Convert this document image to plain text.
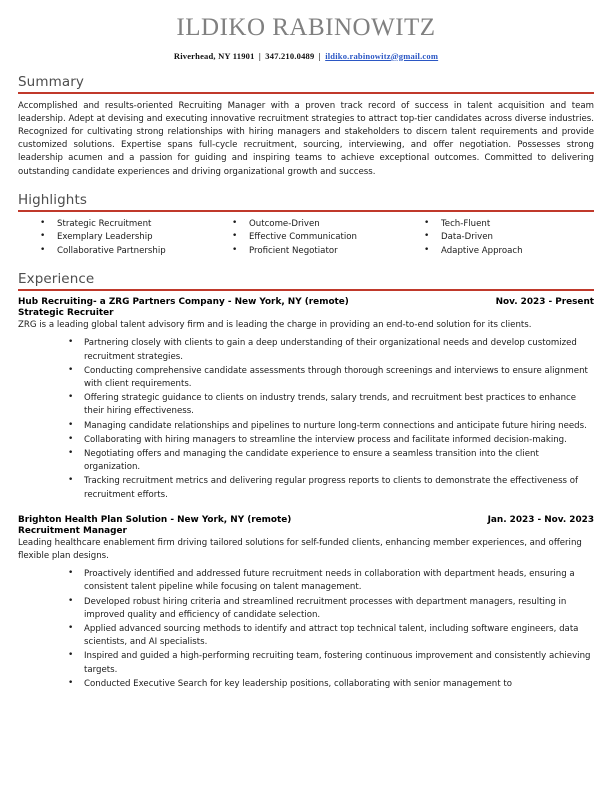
ILDIKO RABINOWITZ
Riverhead, NY 11901 | 347.210.0489 | ildiko.rabinowitz@gmail.com
Summary

Accomplished and results-oriented Recruiting Manager with a proven track record of success in talent acquisition and team leadership. Adept at devising and executing innovative recruitment strategies to attract top-tier candidates across diverse industries. Recognized for cultivating strong relationships with hiring managers and stakeholders to discern talent requirements and provide customized solutions. Expertise spans full-cycle recruitment, sourcing, interviewing, and offer negotiation. Possesses strong leadership acumen and a passion for guiding and inspiring teams to achieve exceptional outcomes. Committed to delivering outstanding candidate experiences and driving organizational growth and success.

Highlights
• Strategic Recruitment
• Exemplary Leadership
• Collaborative Partnership
• Outcome-Driven
• Effective Communication
• Proficient Negotiator
• Tech-Fluent
• Data-Driven
• Adaptive Approach
Experience
Hub Recruiting- a ZRG Partners Company - New York, NY (remote)	Nov. 2023 - Present
Strategic Recruiter
ZRG is a leading global talent advisory firm and is leading the charge in providing an end-to-end solution for its clients.
• Partnering closely with clients to gain a deep understanding of their organizational needs and develop customized recruitment strategies.
• Conducting comprehensive candidate assessments through thorough screenings and interviews to ensure alignment with client requirements.
• Offering strategic guidance to clients on industry trends, salary trends, and recruitment best practices to enhance their hiring effectiveness.
• Managing candidate relationships and pipelines to nurture long-term connections and anticipate future hiring needs.
• Collaborating with hiring managers to streamline the interview process and facilitate informed decision-making.
• Negotiating offers and managing the candidate experience to ensure a seamless transition into the client organization.
• Tracking recruitment metrics and delivering regular progress reports to clients to demonstrate the effectiveness of recruitment efforts.
Brighton Health Plan Solution - New York, NY (remote)	Jan. 2023 - Nov. 2023
Recruitment Manager
Leading healthcare enablement firm driving tailored solutions for self-funded clients, enhancing member experiences, and offering flexible plan designs.
• Proactively identified and addressed future recruitment needs in collaboration with department heads, ensuring a consistent talent pipeline while focusing on talent management.
• Developed robust hiring criteria and streamlined recruitment processes with department managers, resulting in improved quality and efficiency of candidate selection.
• Applied advanced sourcing methods to identify and attract top technical talent, including software engineers, data scientists, and AI specialists.
• Inspired and guided a high-performing recruiting team, fostering continuous improvement and consistently achieving targets.
• Conducted Executive Search for key leadership positions, collaborating with senior management to
